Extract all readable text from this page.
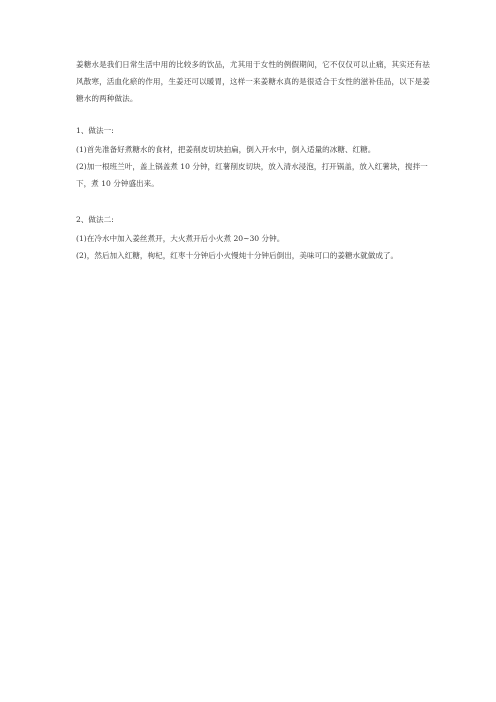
姜糖水是我们日常生活中用的比较多的饮品，尤其用于女性的例假期间，它不仅仅可以止痛，其实还有祛风散寒，活血化瘀的作用，生姜还可以暖胃，这样一来姜糖水真的是很适合于女性的滋补佳品，以下是姜糖水的两种做法。

1、做法一:

(1)首先准备好煮糖水的食材，把姜削皮切块拍扁，倒入开水中，倒入适量的冰糖、红糖。

(2)加一根班兰叶，盖上锅盖煮 10 分钟，红薯削皮切块，放入清水浸泡，打开锅盖，放入红薯块，搅拌一下，煮 10 分钟盛出来。

2、做法二:

(1)在冷水中加入姜丝煮开，大火煮开后小火煮 20~30 分钟。

(2)，然后加入红糖，枸杞，红枣十分钟后小火慢炖十分钟后倒出，美味可口的姜糖水就做成了。
